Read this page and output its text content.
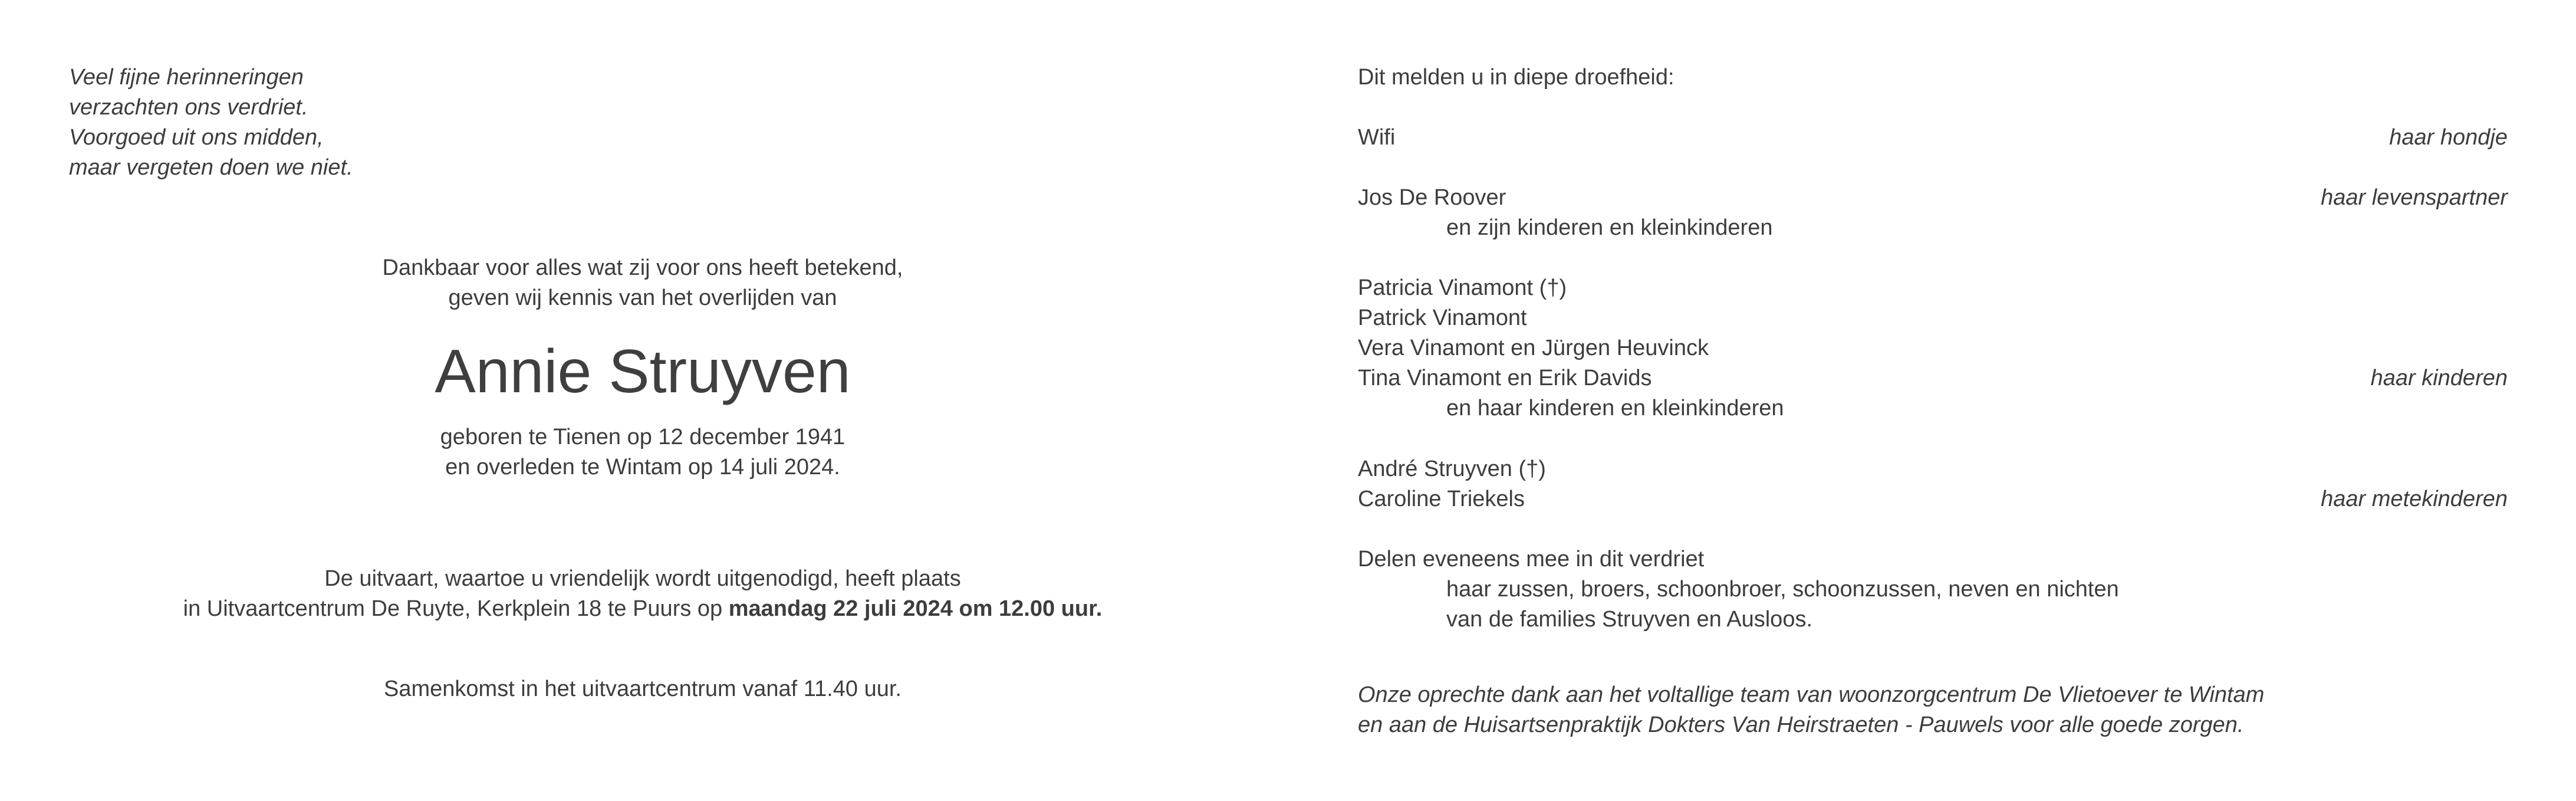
Veel fijne herinneringen
verzachten ons verdriet.
Voorgoed uit ons midden,
maar vergeten doen we niet.
Dankbaar voor alles wat zij voor ons heeft betekend,
geven wij kennis van het overlijden van
Annie Struyven
geboren te Tienen op 12 december 1941
en overleden te Wintam op 14 juli 2024.
De uitvaart, waartoe u vriendelijk wordt uitgenodigd, heeft plaats
in Uitvaartcentrum De Ruyte, Kerkplein 18 te Puurs op maandag 22 juli 2024 om 12.00 uur.
Samenkomst in het uitvaartcentrum vanaf 11.40 uur.
Dit melden u in diepe droefheid:
Wifi	haar hondje
Jos De Roover	haar levenspartner
en zijn kinderen en kleinkinderen
Patricia Vinamont (†)
Patrick Vinamont
Vera Vinamont en Jürgen Heuvinck
Tina Vinamont en Erik Davids	haar kinderen
en haar kinderen en kleinkinderen
André Struyven (†)
Caroline Triekels	haar metekinderen
Delen eveneens mee in dit verdriet
haar zussen, broers, schoonbroer, schoonzussen, neven en nichten
van de families Struyven en Ausloos.
Onze oprechte dank aan het voltallige team van woonzorgcentrum De Vlietoever te Wintam
en aan de Huisartsenpraktijk Dokters Van Heirstraeten - Pauwels voor alle goede zorgen.
